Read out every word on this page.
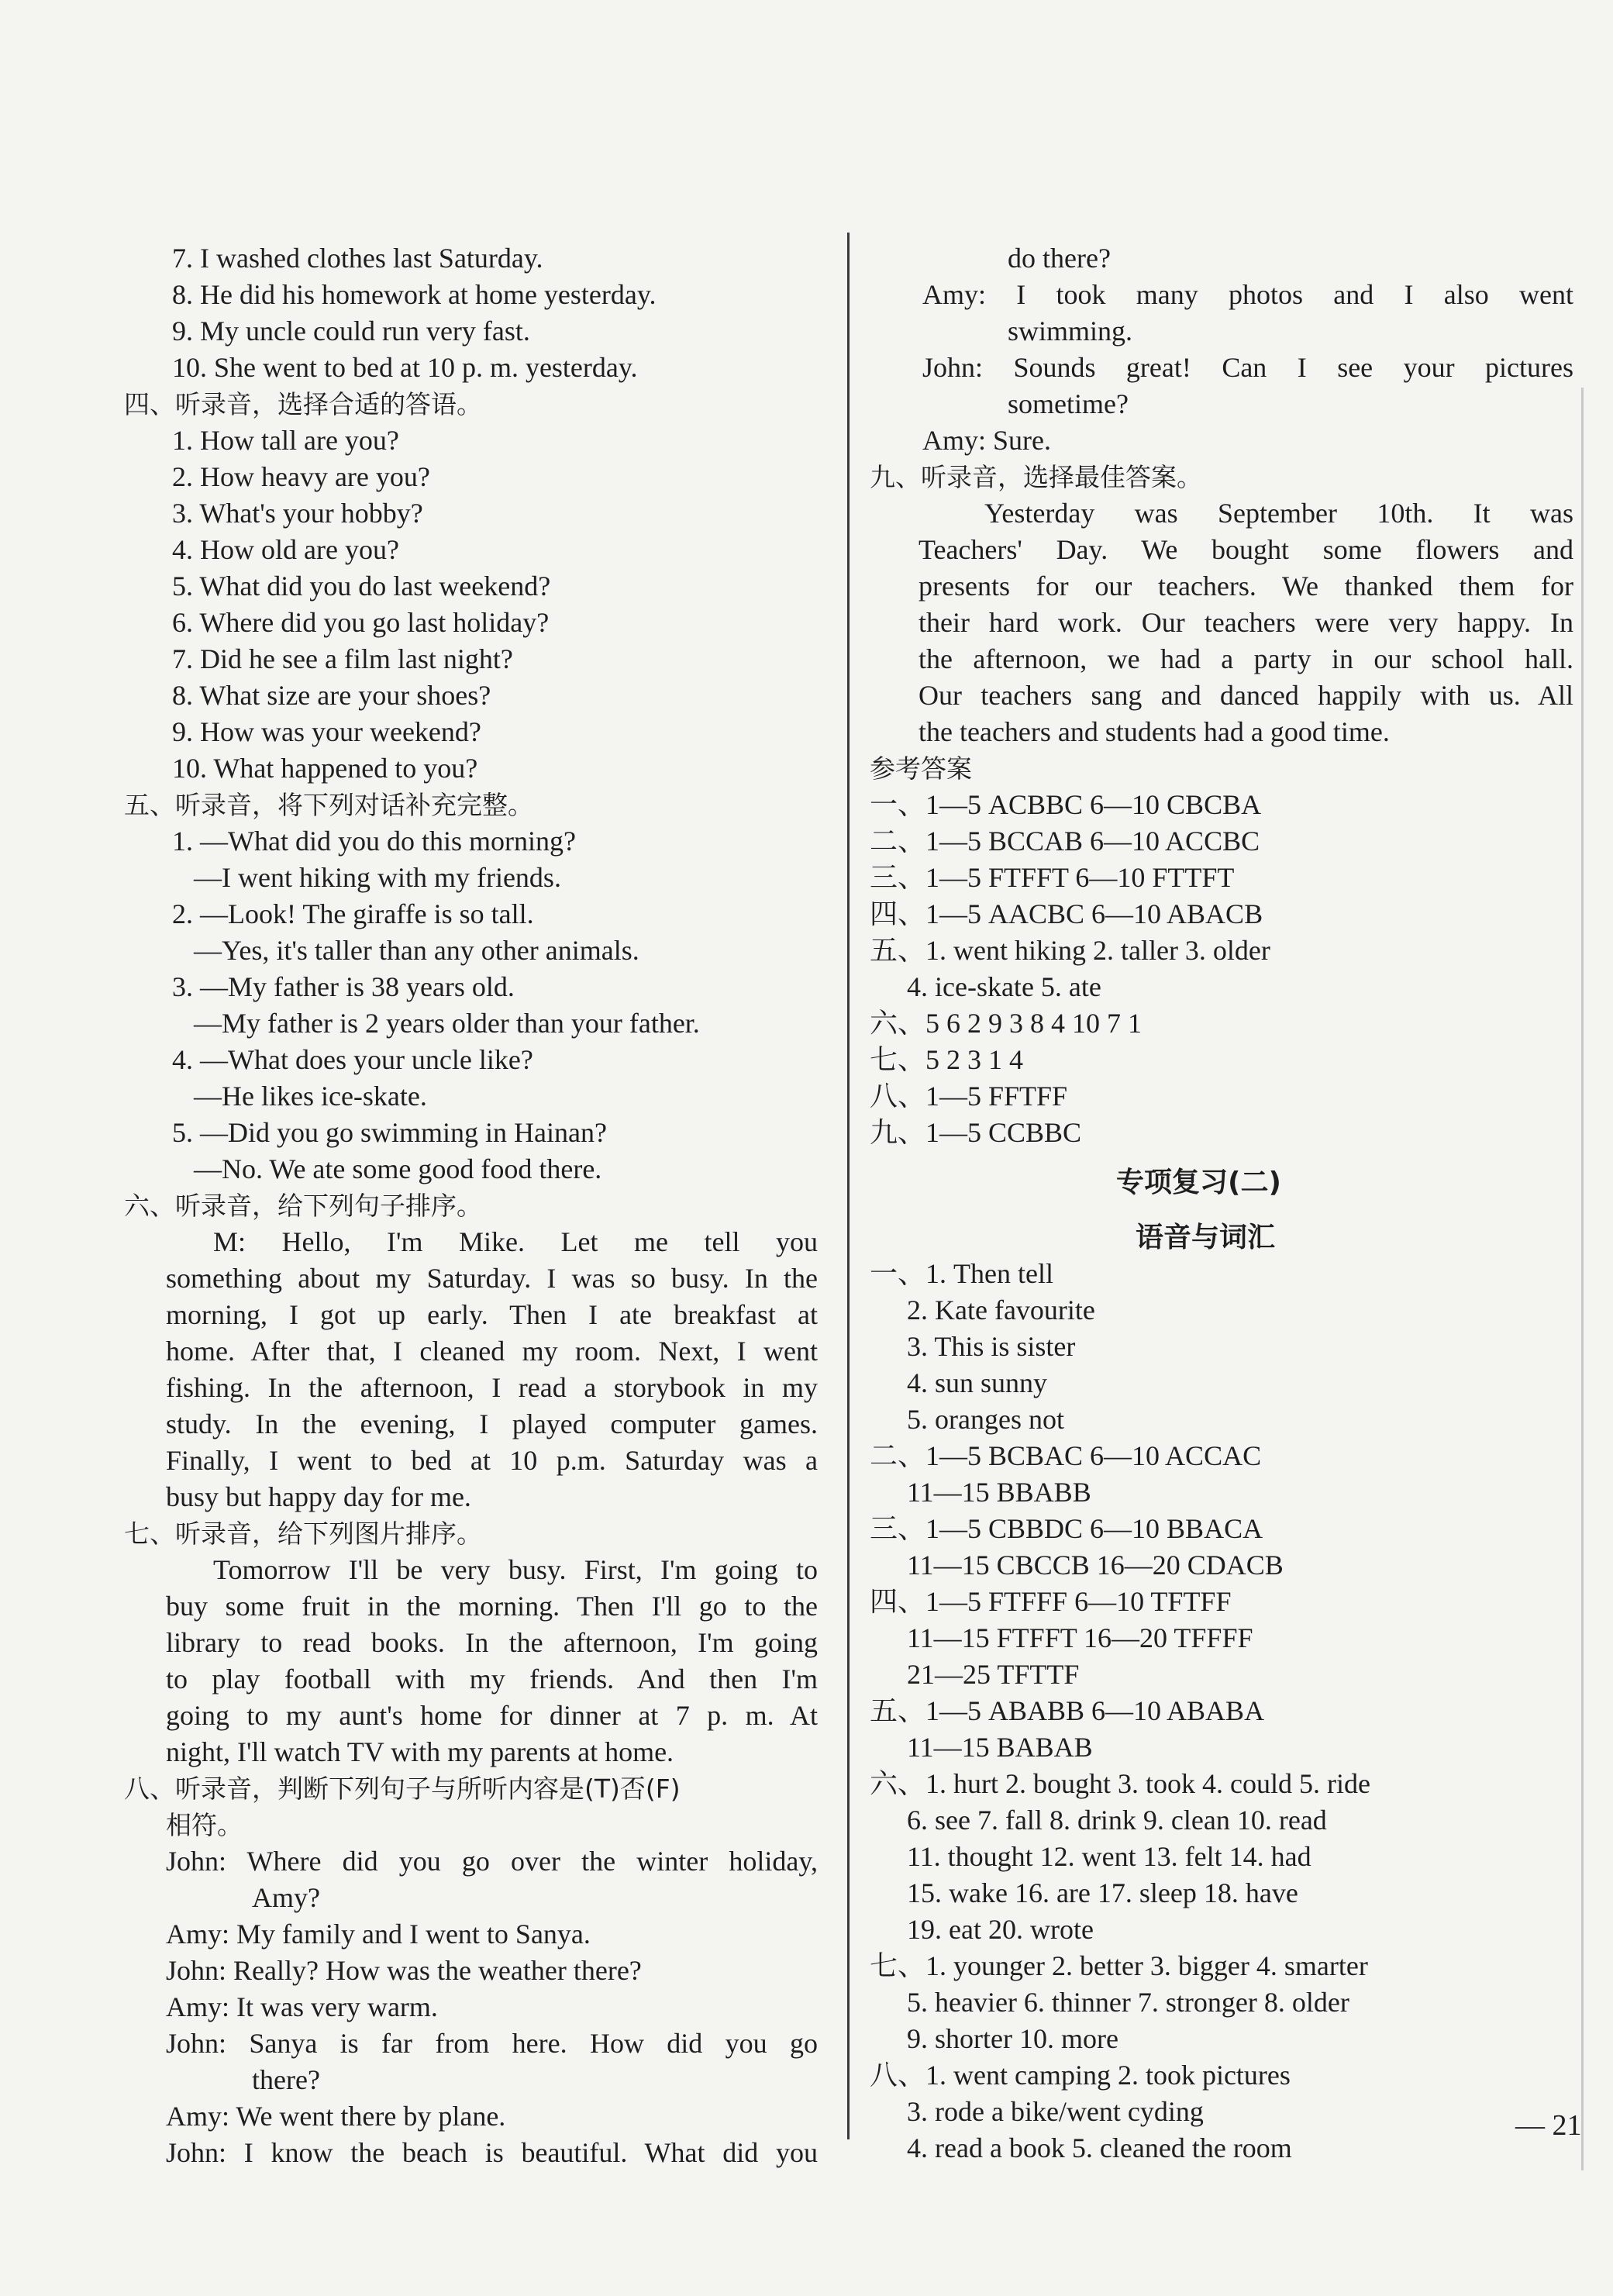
7. I washed clothes last Saturday.
8. He did his homework at home yesterday.
9. My uncle could run very fast.
10. She went to bed at 10 p. m. yesterday.
四、听录音，选择合适的答语。
1. How tall are you?
2. How heavy are you?
3. What's your hobby?
4. How old are you?
5. What did you do last weekend?
6. Where did you go last holiday?
7. Did he see a film last night?
8. What size are your shoes?
9. How was your weekend?
10. What happened to you?
五、听录音，将下列对话补充完整。
1. —What did you do this morning?
—I went hiking with my friends.
2. —Look! The giraffe is so tall.
—Yes, it's taller than any other animals.
3. —My father is 38 years old.
—My father is 2 years older than your father.
4. —What does your uncle like?
—He likes ice-skate.
5. —Did you go swimming in Hainan?
—No. We ate some good food there.
六、听录音，给下列句子排序。
M: Hello, I'm Mike. Let me tell you
something about my Saturday. I was so busy. In the
morning, I got up early. Then I ate breakfast at
home. After that, I cleaned my room. Next, I went
fishing. In the afternoon, I read a storybook in my
study. In the evening, I played computer games.
Finally, I went to bed at 10 p.m. Saturday was a
busy but happy day for me.
七、听录音，给下列图片排序。
Tomorrow I'll be very busy. First, I'm going to
buy some fruit in the morning. Then I'll go to the
library to read books. In the afternoon, I'm going
to play football with my friends. And then I'm
going to my aunt's home for dinner at 7 p. m. At
night, I'll watch TV with my parents at home.
八、听录音，判断下列句子与所听内容是(T)否(F)
相符。
John: Where did you go over the winter holiday,
Amy?
Amy: My family and I went to Sanya.
John: Really? How was the weather there?
Amy: It was very warm.
John: Sanya is far from here. How did you go
there?
Amy: We went there by plane.
John: I know the beach is beautiful. What did you
do there?
Amy: I took many photos and I also went
swimming.
John: Sounds great! Can I see your pictures
sometime?
Amy: Sure.
九、听录音，选择最佳答案。
Yesterday was September 10th. It was
Teachers' Day. We bought some flowers and
presents for our teachers. We thanked them for
their hard work. Our teachers were very happy. In
the afternoon, we had a party in our school hall.
Our teachers sang and danced happily with us. All
the teachers and students had a good time.
参考答案
一、1—5 ACBBC 6—10 CBCBA
二、1—5 BCCAB 6—10 ACCBC
三、1—5 FTFFT 6—10 FTTFT
四、1—5 AACBC 6—10 ABACB
五、1. went hiking 2. taller 3. older
4. ice-skate 5. ate
六、5 6 2 9 3 8 4 10 7 1
七、5 2 3 1 4
八、1—5 FFTFF
九、1—5 CCBBC
专项复习(二)
语音与词汇
一、1. Then tell
2. Kate favourite
3. This is sister
4. sun sunny
5. oranges not
二、1—5 BCBAC 6—10 ACCAC
11—15 BBABB
三、1—5 CBBDC 6—10 BBACA
11—15 CBCCB 16—20 CDACB
四、1—5 FTFFF 6—10 TFTFF
11—15 FTFFT 16—20 TFFFF
21—25 TFTTF
五、1—5 ABABB 6—10 ABABA
11—15 BABAB
六、1. hurt 2. bought 3. took 4. could 5. ride
6. see 7. fall 8. drink 9. clean 10. read
11. thought 12. went 13. felt 14. had
15. wake 16. are 17. sleep 18. have
19. eat 20. wrote
七、1. younger 2. better 3. bigger 4. smarter
5. heavier 6. thinner 7. stronger 8. older
9. shorter 10. more
八、1. went camping 2. took pictures
3. rode a bike/went cyding
4. read a book 5. cleaned the room
— 21
